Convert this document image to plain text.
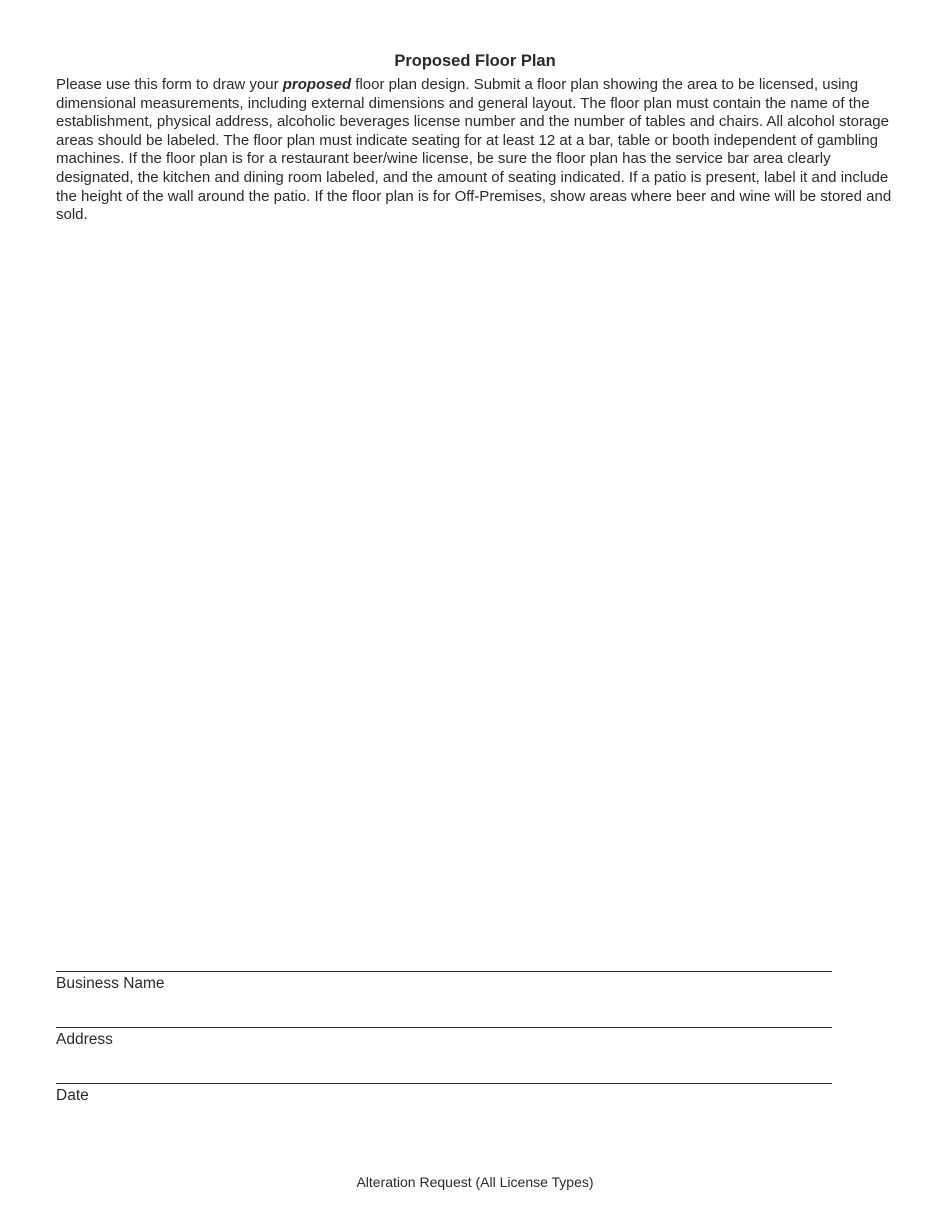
Proposed Floor Plan

Please use this form to draw your proposed floor plan design. Submit a floor plan showing the area to be licensed, using dimensional measurements, including external dimensions and general layout. The floor plan must contain the name of the establishment, physical address, alcoholic beverages license number and the number of tables and chairs. All alcohol storage areas should be labeled. The floor plan must indicate seating for at least 12 at a bar, table or booth independent of gambling machines. If the floor plan is for a restaurant beer/wine license, be sure the floor plan has the service bar area clearly designated, the kitchen and dining room labeled, and the amount of seating indicated. If a patio is present, label it and include the height of the wall around the patio. If the floor plan is for Off-Premises, show areas where beer and wine will be stored and sold.

Business Name
Address
Date
Alteration Request (All License Types)
